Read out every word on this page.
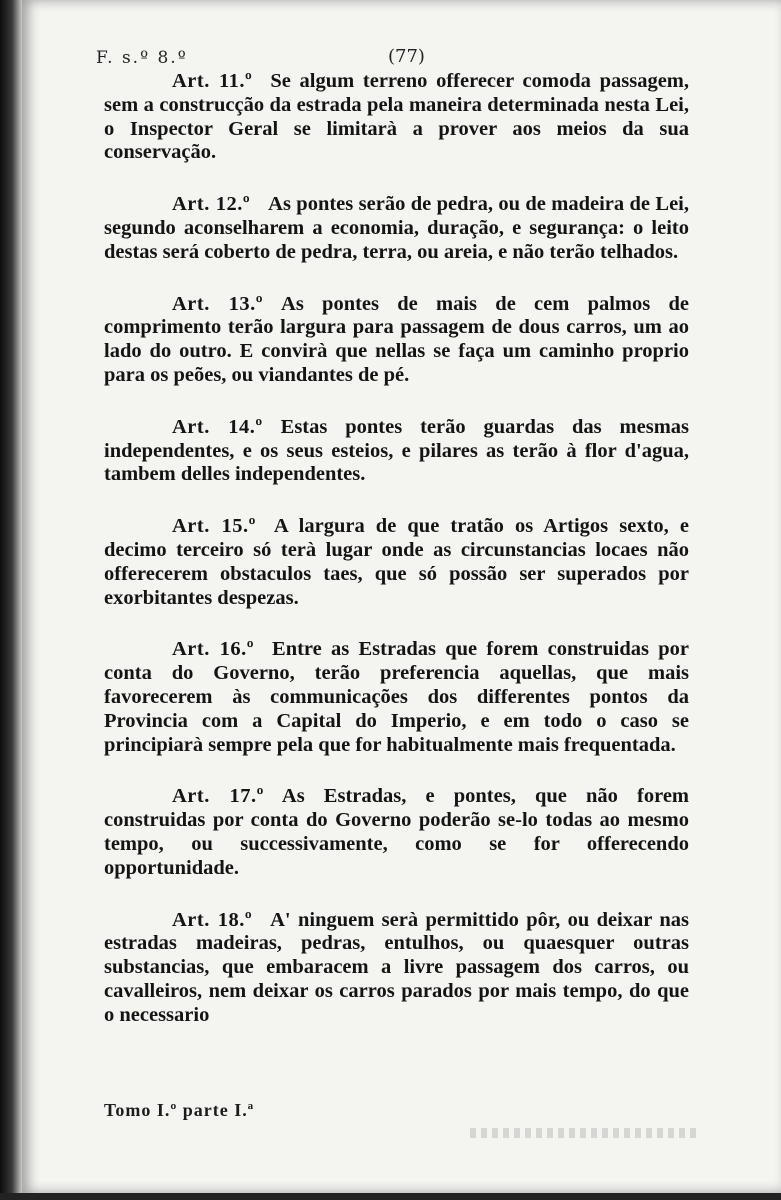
F. s.º 8.º	(77)

Art. 11.º Se algum terreno offerecer comoda passagem, sem a construcção da estrada pela maneira determinada nesta Lei, o Inspector Geral se limitarà a prover aos meios da sua conservação.

Art. 12.º As pontes serão de pedra, ou de madeira de Lei, segundo aconselharem a economia, duração, e segurança: o leito destas será coberto de pedra, terra, ou areia, e não terão telhados.

Art. 13.º As pontes de mais de cem palmos de comprimento terão largura para passagem de dous carros, um ao lado do outro. E convirà que nellas se faça um caminho proprio para os peões, ou viandantes de pé.

Art. 14.º Estas pontes terão guardas das mesmas independentes, e os seus esteios, e pilares as terão à flor d'agua, tambem delles independentes.

Art. 15.º A largura de que tratão os Artigos sexto, e decimo terceiro só terà lugar onde as circunstancias locaes não offerecerem obstaculos taes, que só possão ser superados por exorbitantes despezas.

Art. 16.º Entre as Estradas que forem construidas por conta do Governo, terão preferencia aquellas, que mais favorecerem às communicações dos differentes pontos da Provincia com a Capital do Imperio, e em todo o caso se principiarà sempre pela que for habitualmente mais frequentada.

Art. 17.º As Estradas, e pontes, que não forem construidas por conta do Governo poderão se-lo todas ao mesmo tempo, ou successivamente, como se for offerecendo opportunidade.

Art. 18.º A' ninguem serà permittido pôr, ou deixar nas estradas madeiras, pedras, entulhos, ou quaesquer outras substancias, que embaracem a livre passagem dos carros, ou cavalleiros, nem deixar os carros parados por mais tempo, do que o necessario

Tomo I.º parte I.ª
